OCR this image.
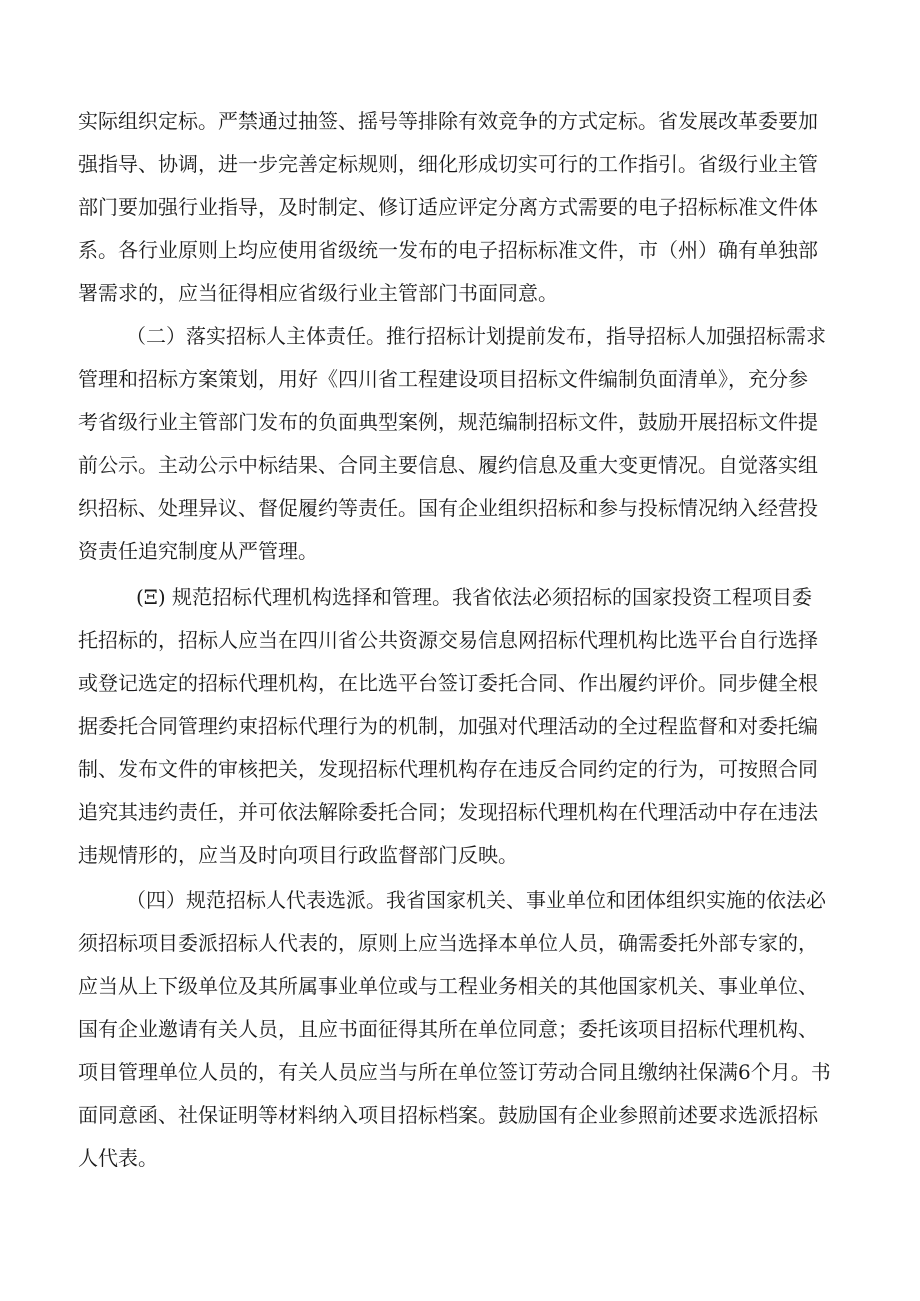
实际组织定标。严禁通过抽签、摇号等排除有效竞争的方式定标。省发展改革委要加
强指导、协调，进一步完善定标规则，细化形成切实可行的工作指引。省级行业主管
部门要加强行业指导，及时制定、修订适应评定分离方式需要的电子招标标准文件体
系。各行业原则上均应使用省级统一发布的电子招标标准文件，市（州）确有单独部
署需求的，应当征得相应省级行业主管部门书面同意。
（二）落实招标人主体责任。推行招标计划提前发布，指导招标人加强招标需求
管理和招标方案策划，用好《四川省工程建设项目招标文件编制负面清单》，充分参
考省级行业主管部门发布的负面典型案例，规范编制招标文件，鼓励开展招标文件提
前公示。主动公示中标结果、合同主要信息、履约信息及重大变更情况。自觉落实组
织招标、处理异议、督促履约等责任。国有企业组织招标和参与投标情况纳入经营投
资责任追究制度从严管理。
(Ξ) 规范招标代理机构选择和管理。我省依法必须招标的国家投资工程项目委
托招标的，招标人应当在四川省公共资源交易信息网招标代理机构比选平台自行选择
或登记选定的招标代理机构，在比选平台签订委托合同、作出履约评价。同步健全根
据委托合同管理约束招标代理行为的机制，加强对代理活动的全过程监督和对委托编
制、发布文件的审核把关，发现招标代理机构存在违反合同约定的行为，可按照合同
追究其违约责任，并可依法解除委托合同；发现招标代理机构在代理活动中存在违法
违规情形的，应当及时向项目行政监督部门反映。
（四）规范招标人代表选派。我省国家机关、事业单位和团体组织实施的依法必
须招标项目委派招标人代表的，原则上应当选择本单位人员，确需委托外部专家的，
应当从上下级单位及其所属事业单位或与工程业务相关的其他国家机关、事业单位、
国有企业邀请有关人员，且应书面征得其所在单位同意；委托该项目招标代理机构、
项目管理单位人员的，有关人员应当与所在单位签订劳动合同且缴纳社保满6个月。书
面同意函、社保证明等材料纳入项目招标档案。鼓励国有企业参照前述要求选派招标
人代表。
